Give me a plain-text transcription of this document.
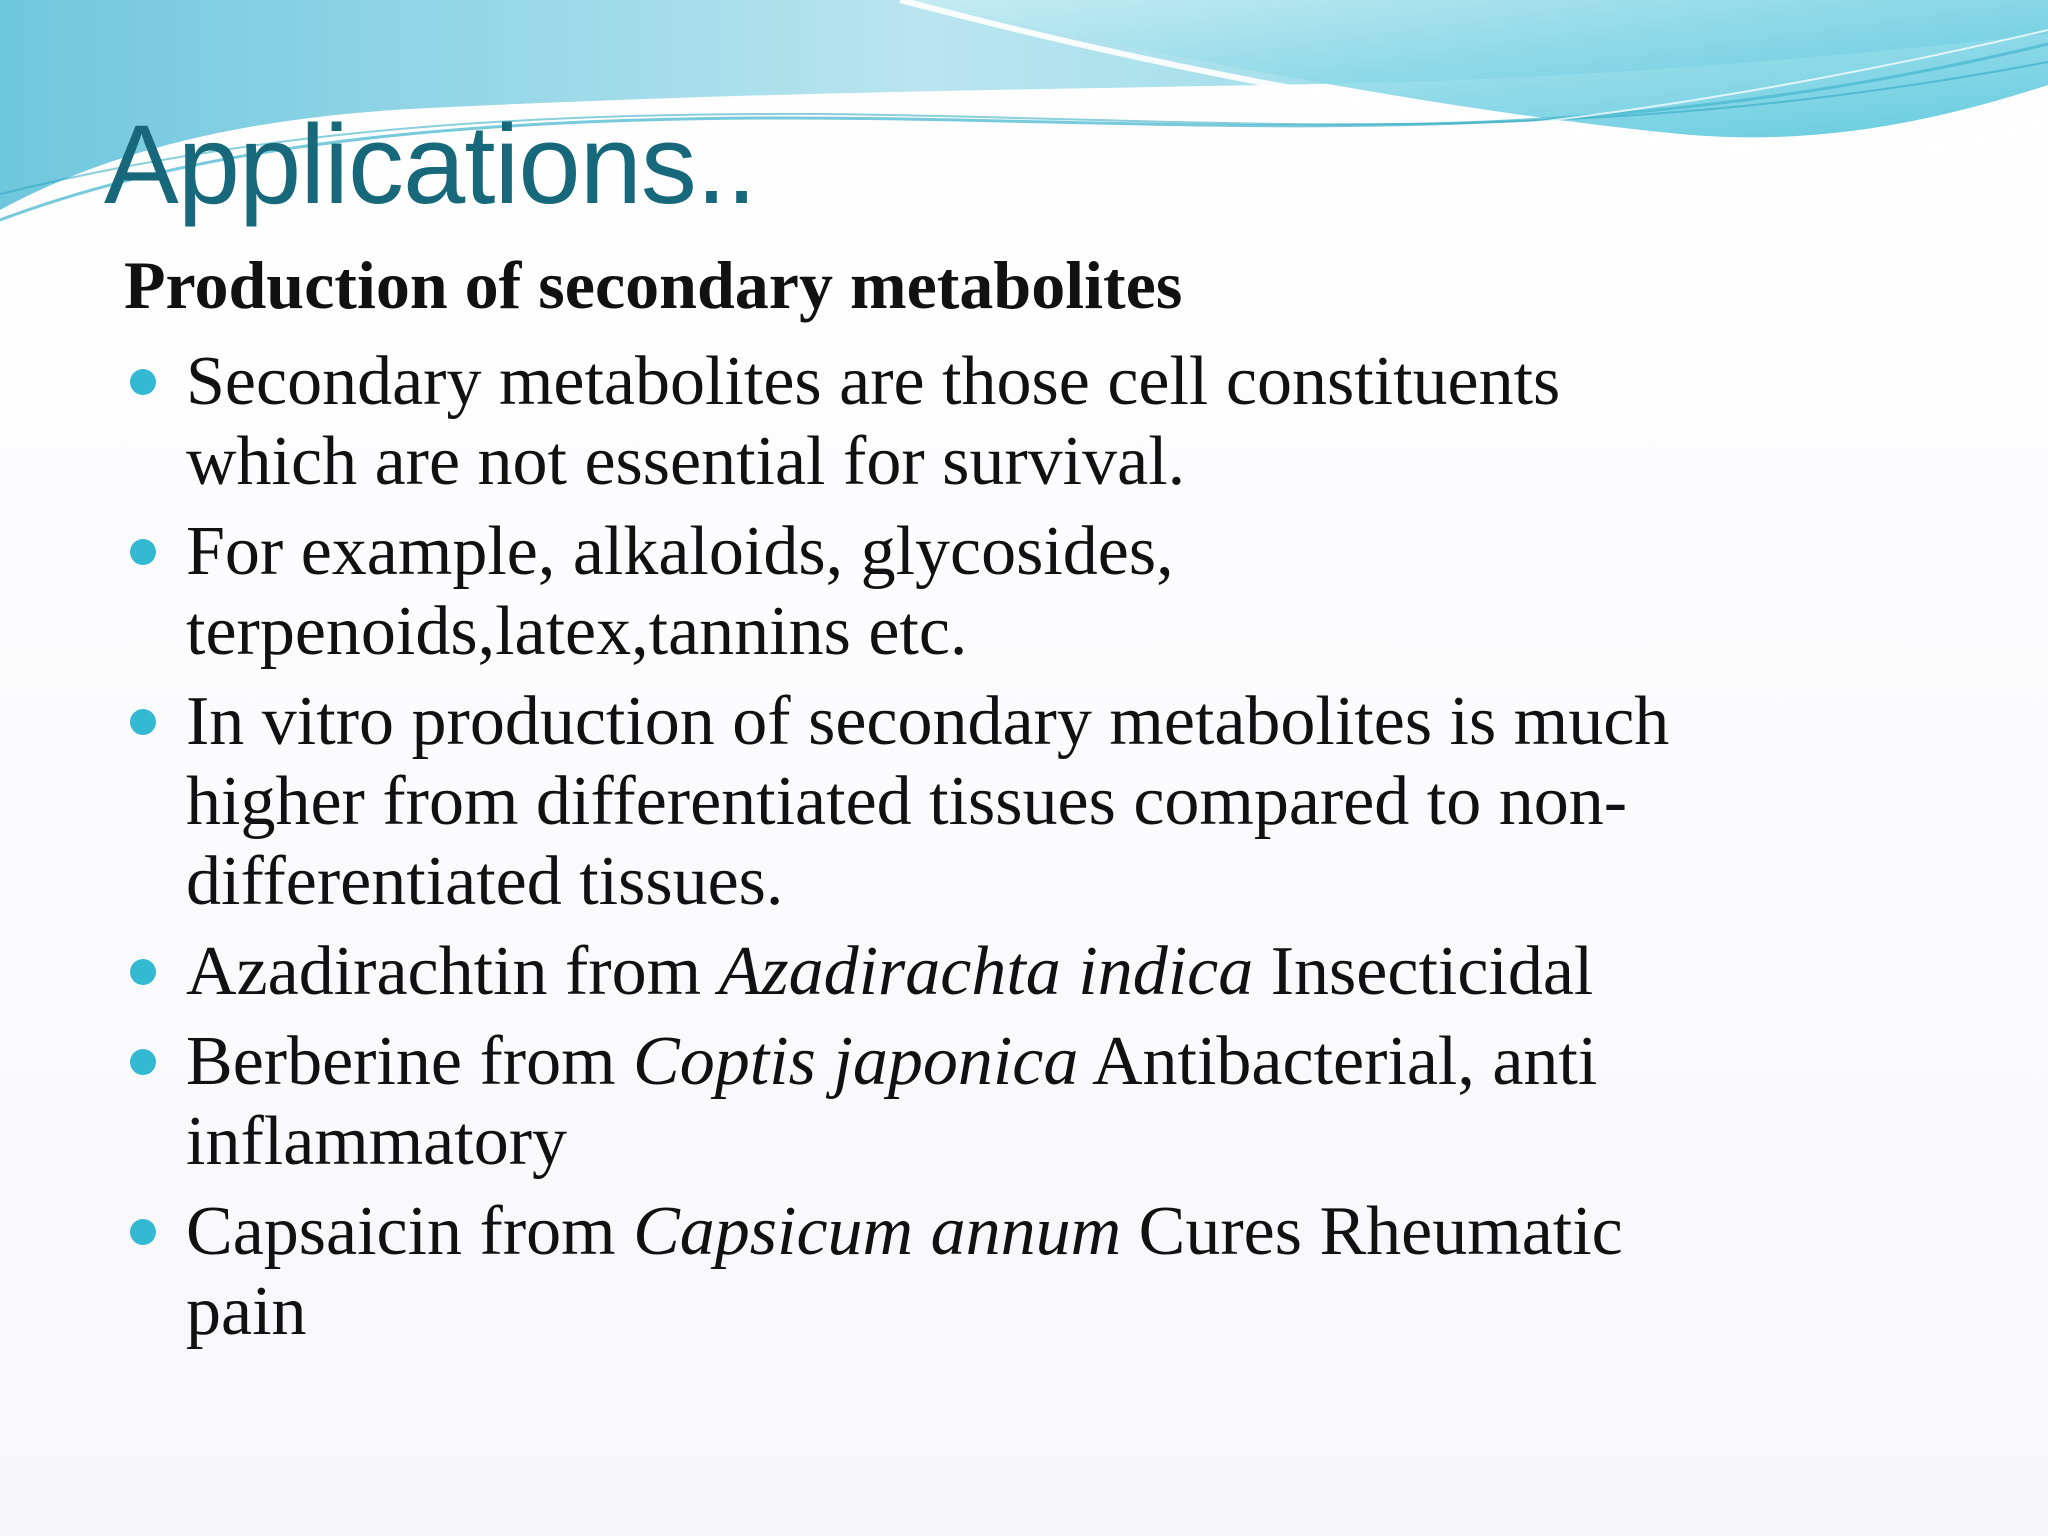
Applications..
Production of secondary metabolites
Secondary metabolites are those cell constituents
which are not essential for survival.
For example, alkaloids, glycosides,
terpenoids,latex,tannins etc.
In vitro production of secondary metabolites is much
higher from differentiated tissues compared to non-
differentiated tissues.
Azadirachtin from Azadirachta indica Insecticidal
Berberine from Coptis japonica Antibacterial, anti
inflammatory
Capsaicin from Capsicum annum Cures Rheumatic
pain
